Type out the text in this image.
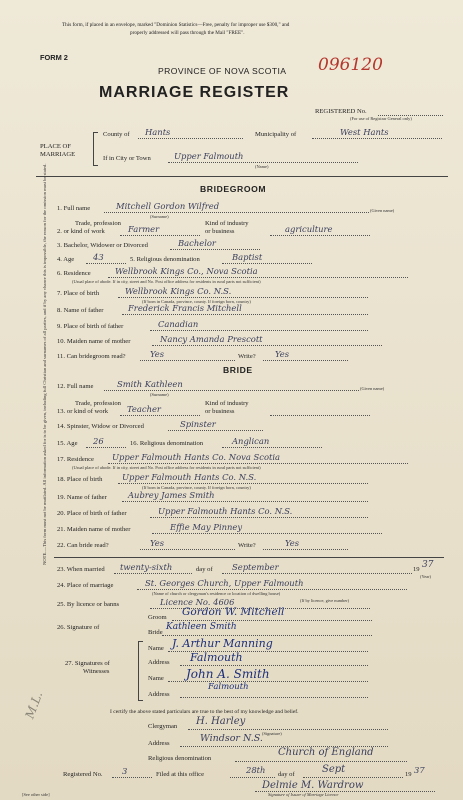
This form, if placed in an envelope, marked "Dominion Statistics—Free, penalty for improper use $300," and
properly addressed will pass through the Mail "FREE".
FORM 2
PROVINCE OF NOVA SCOTIA 096120
MARRIAGE REGISTER
REGISTERED No.
(For use of Registrar General only)
PLACE OF
MARRIAGE
County of Hants	Municipality of	West Hants
If in City or Town	Upper Falmouth
(Name)
BRIDEGROOM
1. Full name	Mitchell Gordon Wilfred
(Surname)
(Given name)
Trade, profession
2. or kind of work	Farmer
Kind of industry
or business	agriculture
3. Bachelor, Widower or Divorced	Bachelor
4. Age 43	5. Religious denomination	Baptist
6. Residence	Wellbrook Kings Co., Nova Scotia
(Usual place of abode. If in city, street and No. Post office address for residents in rural parts not sufficient)
7. Place of birth	Wellbrook Kings Co. N.S.
(If born in Canada, province, county. If foreign born, country)
8. Name of father	Frederick Francis Mitchell
9. Place of birth of father	Canadian
10. Maiden name of mother	Nancy Amanda Prescott
11. Can bridegroom read?	Yes	Write? Yes
BRIDE
12. Full name	Smith Kathleen
(Surname)
(Given name)
Trade, profession
13. or kind of work Teacher
Kind of industry
or business
14. Spinster, Widow or Divorced	Spinster
15. Age 26	16. Religious denomination	Anglican
17. Residence Upper Falmouth Hants Co. Nova Scotia
(Usual place of abode. If in city, street and No. Post office address for residents in rural parts not sufficient)
18. Place of birth Upper Falmouth Hants Co. N.S.
(If born in Canada, province, county. If foreign born, country)
19. Name of father	Aubrey James Smith
20. Place of birth of father	Upper Falmouth Hants Co. N.S.
21. Maiden name of mother	Effie May Pinney
22. Can bride read?	Yes	Write?	Yes
23. When married twenty-sixth	day of September	19 37
(Year)
24. Place of marriage	St. Georges Church, Upper Falmouth
(Name of church or clergyman's residence or location of dwelling house)
25. By licence or banns	Licence No. 4606	(If by licence, give number)
26. Signature of
Groom Gordon W. Mitchell
Bride
Kathleen Smith
27. Signatures of
Witnesses
Name J. Arthur Manning
Address Falmouth
Name John A. Smith
Address
Falmouth
I certify the above stated particulars are true to the best of my knowledge and belief.
Clergyman H. Harley
(Signature)
Address	Windsor N.S.
Religious denomination
Church of England
Registered No. 3	Filed at this office	28th day of	Sept	19 37
Delmie M. Wardrow
Signature of Issuer of Marriage Licence
[See other side]
NOTE.—This form must not be mutilated. All information asked for is to be given, including full Christian and surnames of all parties, and if by any chance this is impossible, the reason for the omission must be stated.
M.L.
